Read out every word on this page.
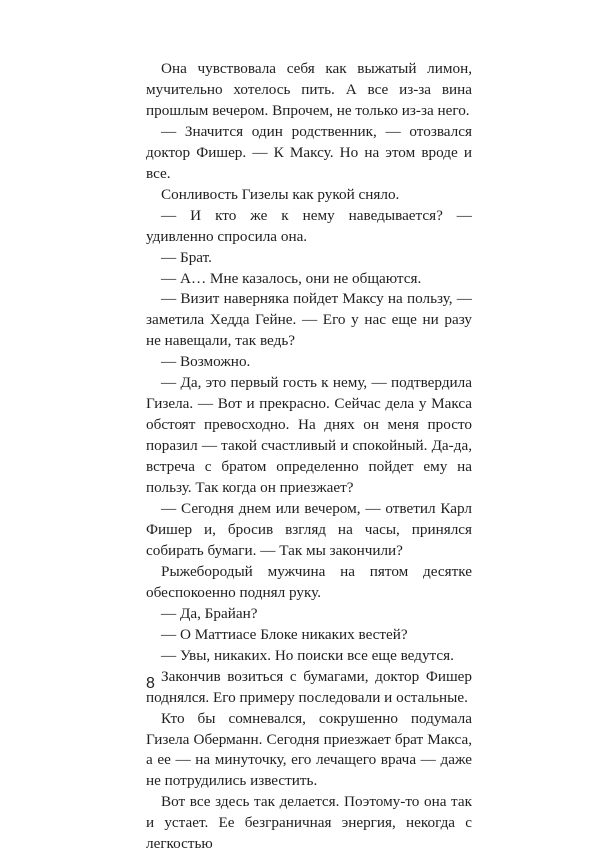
Она чувствовала себя как выжатый лимон, мучительно хотелось пить. А все из-за вина прошлым вечером. Впрочем, не только из-за него.

— Значится один родственник, — отозвался доктор Фишер. — К Максу. Но на этом вроде и все.

Сонливость Гизелы как рукой сняло.

— И кто же к нему наведывается? — удивленно спросила она.

— Брат.

— А… Мне казалось, они не общаются.

— Визит наверняка пойдет Максу на пользу, — заметила Хедда Гейне. — Его у нас еще ни разу не навещали, так ведь?

— Возможно.

— Да, это первый гость к нему, — подтвердила Гизела. — Вот и прекрасно. Сейчас дела у Макса обстоят превосходно. На днях он меня просто поразил — такой счастливый и спокойный. Да-да, встреча с братом определенно пойдет ему на пользу. Так когда он приезжает?

— Сегодня днем или вечером, — ответил Карл Фишер и, бросив взгляд на часы, принялся собирать бумаги. — Так мы закончили?

Рыжебородый мужчина на пятом десятке обеспокоенно поднял руку.

— Да, Брайан?

— О Маттиасе Блоке никаких вестей?

— Увы, никаких. Но поиски все еще ведутся.

Закончив возиться с бумагами, доктор Фишер поднялся. Его примеру последовали и остальные.

Кто бы сомневался, сокрушенно подумала Гизела Оберманн. Сегодня приезжает брат Макса, а ее — на минуточку, его лечащего врача — даже не потрудились известить.

Вот все здесь так делается. Поэтому-то она так и устает. Ее безграничная энергия, некогда с легкостью

8
